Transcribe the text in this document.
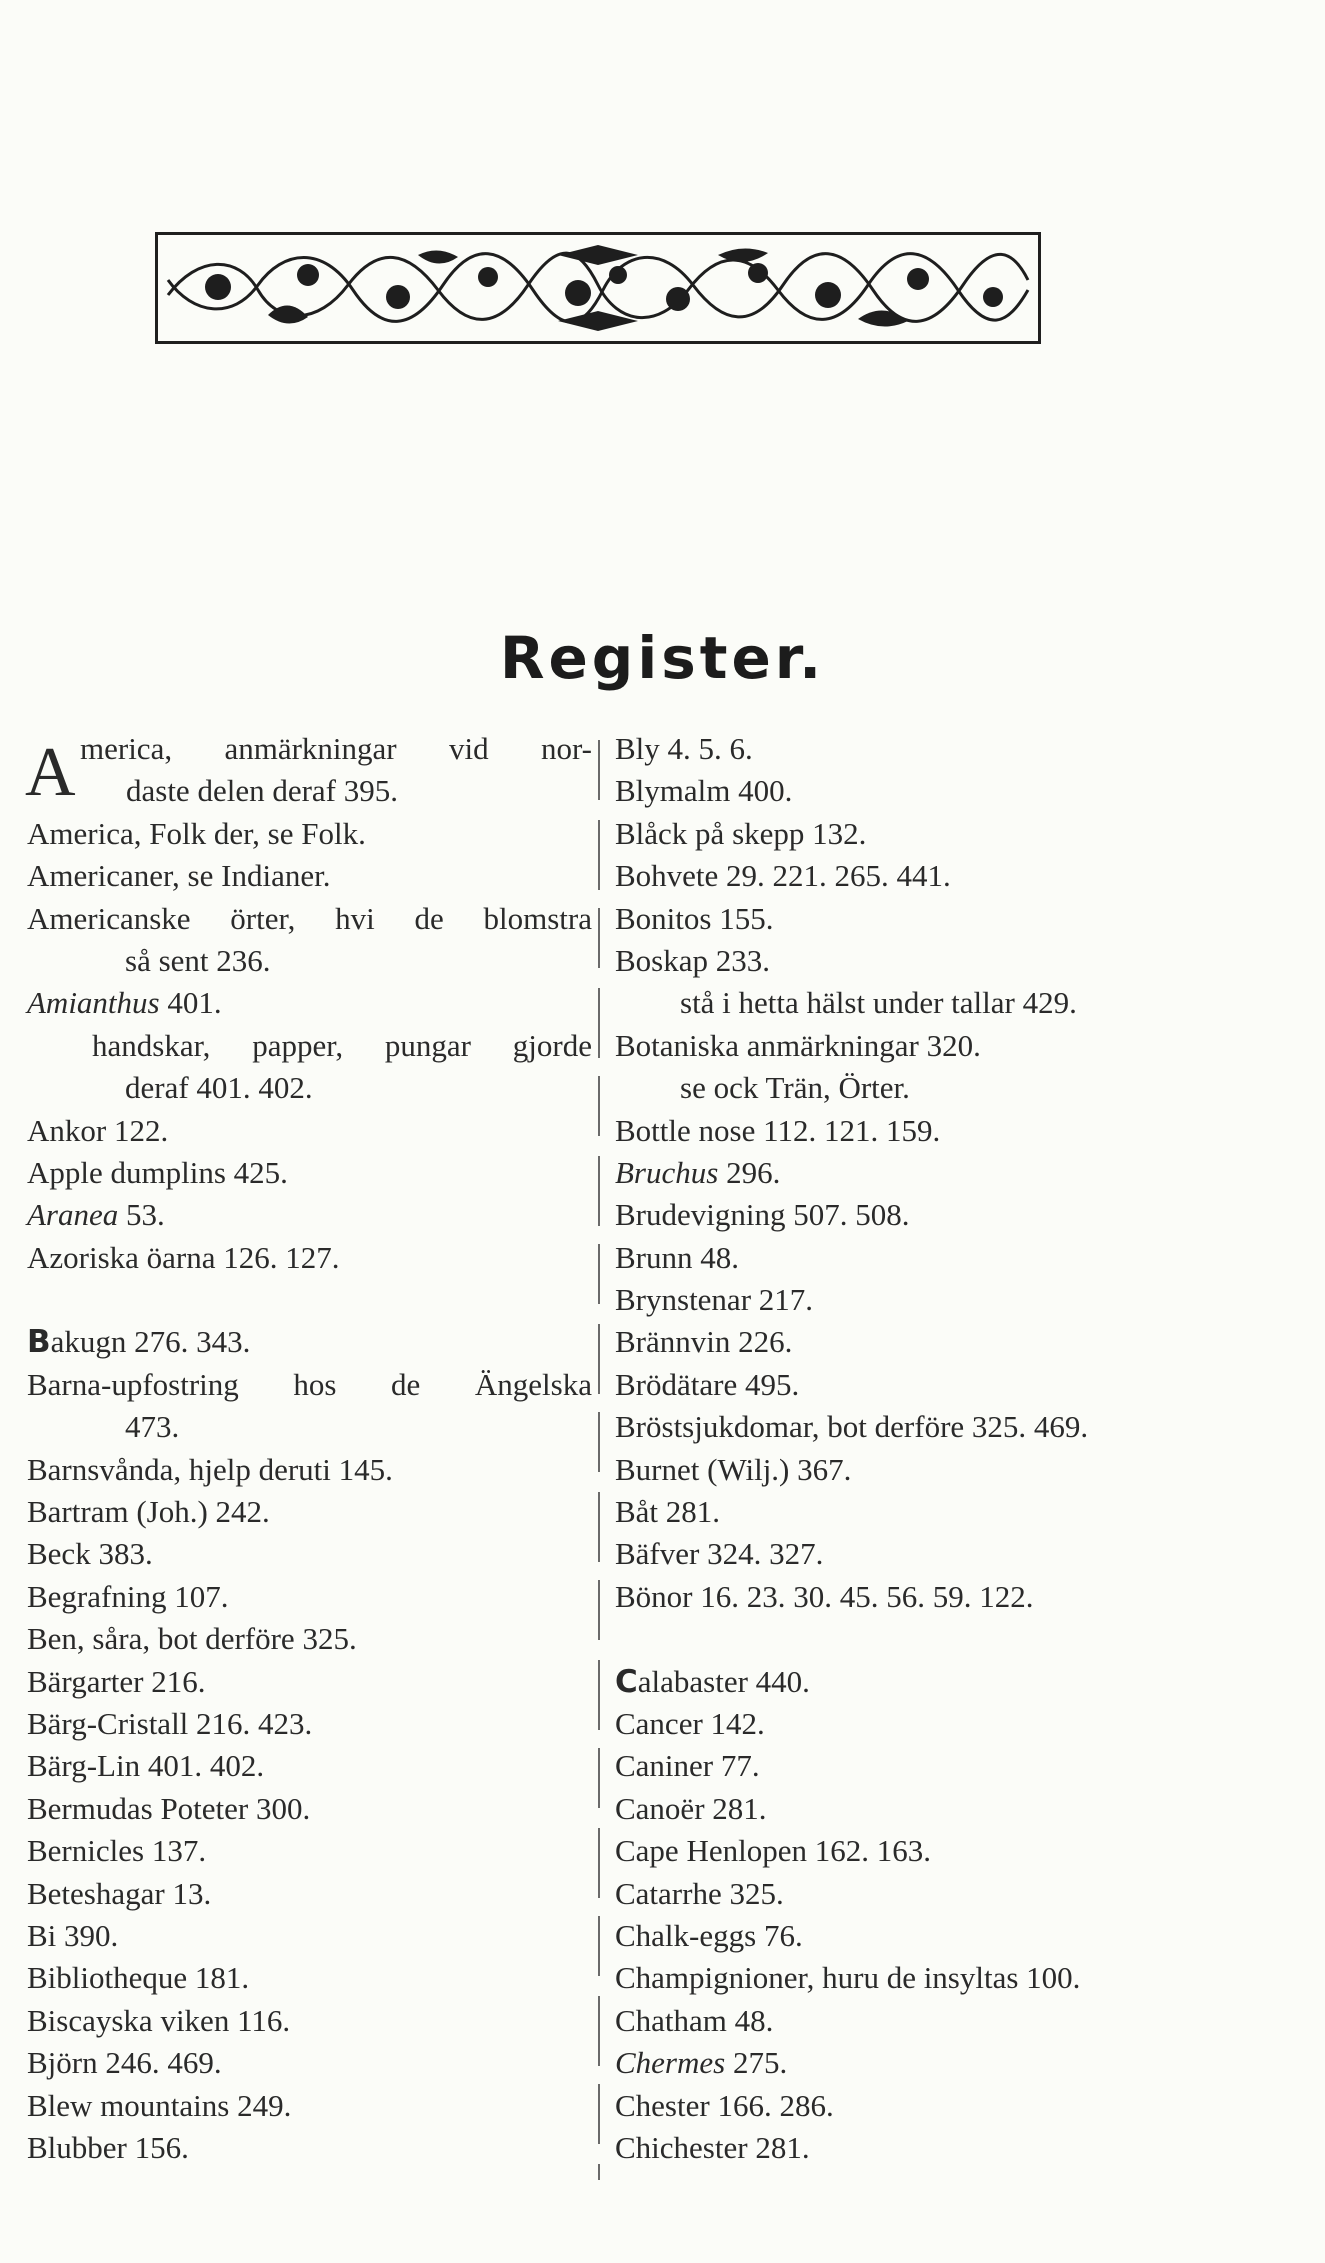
Register.
A merica, anmärkningar vid nor-
daste delen deraf 395.
America, Folk der, se Folk.
Americaner, se Indianer.
Americanske örter, hvi de blomstra
så sent 236.
Amianthus 401.
handskar, papper, pungar gjorde
deraf 401. 402.
Ankor 122.
Apple dumplins 425.
Aranea 53.
Azoriska öarna 126. 127.
Bakugn 276. 343.
Barna-upfostring hos de Ängelska
473.
Barnsvånda, hjelp deruti 145.
Bartram (Joh.) 242.
Beck 383.
Begrafning 107.
Ben, såra, bot derföre 325.
Bärgarter 216.
Bärg-Cristall 216. 423.
Bärg-Lin 401. 402.
Bermudas Poteter 300.
Bernicles 137.
Beteshagar 13.
Bi 390.
Bibliotheque 181.
Biscayska viken 116.
Björn 246. 469.
Blew mountains 249.
Blubber 156.
Bly 4. 5. 6.
Blymalm 400.
Blåck på skepp 132.
Bohvete 29. 221. 265. 441.
Bonitos 155.
Boskap 233.
stå i hetta hälst under tallar 429.
Botaniska anmärkningar 320.
se ock Trän, Örter.
Bottle nose 112. 121. 159.
Bruchus 296.
Brudevigning 507. 508.
Brunn 48.
Brynstenar 217.
Brännvin 226.
Brödätare 495.
Bröstsjukdomar, bot derföre 325. 469.
Burnet (Wilj.) 367.
Båt 281.
Bäfver 324. 327.
Bönor 16. 23. 30. 45. 56. 59. 122.
Calabaster 440.
Cancer 142.
Caniner 77.
Canoër 281.
Cape Henlopen 162. 163.
Catarrhe 325.
Chalk-eggs 76.
Champignioner, huru de insyltas 100.
Chatham 48.
Chermes 275.
Chester 166. 286.
Chichester 281.
